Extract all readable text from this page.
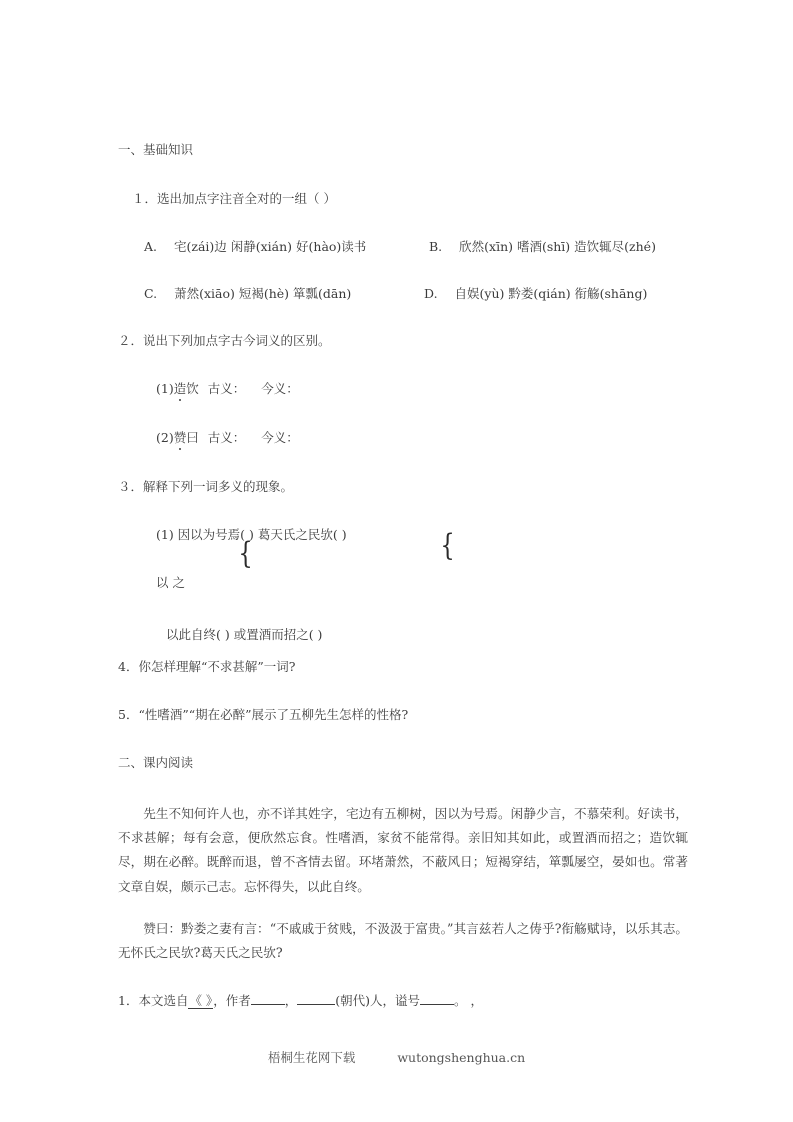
一、基础知识
１．选出加点字注音全对的一组（ ）
A. 宅(zái)边 闲静(xián) 好(hào)读书	B. 欣然(xīn) 嗜酒(shī) 造饮辄尽(zhé)
C. 萧然(xiāo) 短褐(hè) 箪瓢(dān)	D. 自娱(yù) 黔娄(qián) 衔觞(shāng)
２．说出下列加点字古今词义的区别。
(1)造饮 古义： 今义：
(2)赞曰 古义： 今义：
３．解释下列一词多义的现象。
(1) 因以为号焉( ) 葛天氏之民欤( )
以 之
{	{
以此自终( ) 或置酒而招之( )
4．你怎样理解“不求甚解”一词?
5．“性嗜酒”“期在必醉”展示了五柳先生怎样的性格?
二、课内阅读
先生不知何许人也，亦不详其姓字，宅边有五柳树，因以为号焉。闲静少言，不慕荣利。好读书，不求甚解；每有会意，便欣然忘食。性嗜酒，家贫不能常得。亲旧知其如此，或置酒而招之；造饮辄尽，期在必醉。既醉而退，曾不吝情去留。环堵萧然，不蔽风日；短褐穿结，箪瓢屡空，晏如也。常著文章自娱，颇示己志。忘怀得失，以此自终。
赞曰：黔娄之妻有言：“不戚戚于贫贱，不汲汲于富贵。”其言兹若人之俦乎?衔觞赋诗，以乐其志。无怀氏之民欤?葛天氏之民欤?
1．本文选自《 》，作者	，	(朝代)人，谥号	。 ，
梧桐生花网下载	wutongshenghua.cn
